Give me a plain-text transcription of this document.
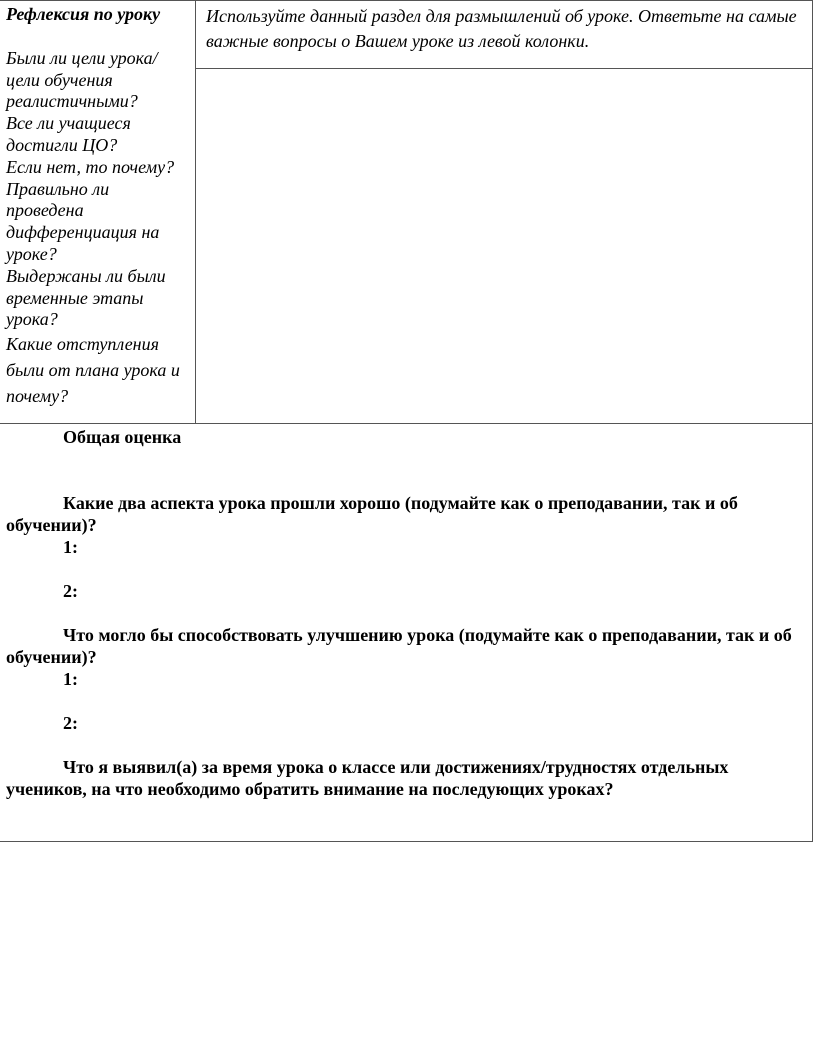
Рефлексия по уроку
Были ли цели урока/цели обучения реалистичными?
Все ли учащиеся достигли ЦО?
Если нет, то почему?
Правильно ли проведена дифференциация на уроке?
Выдержаны ли были временные этапы урока?
Какие отступления были от плана урока и почему?
Используйте данный раздел для размышлений об уроке. Ответьте на самые важные вопросы о Вашем уроке из левой колонки.

Общая оценка

Какие два аспекта урока прошли хорошо (подумайте как о преподавании, так и об обучении)?

1:

2:

Что могло бы способствовать улучшению урока (подумайте как о преподавании, так и об обучении)?

1:

2:

Что я выявил(а) за время урока о классе или достижениях/трудностях отдельных учеников, на что необходимо обратить внимание на последующих уроках?
